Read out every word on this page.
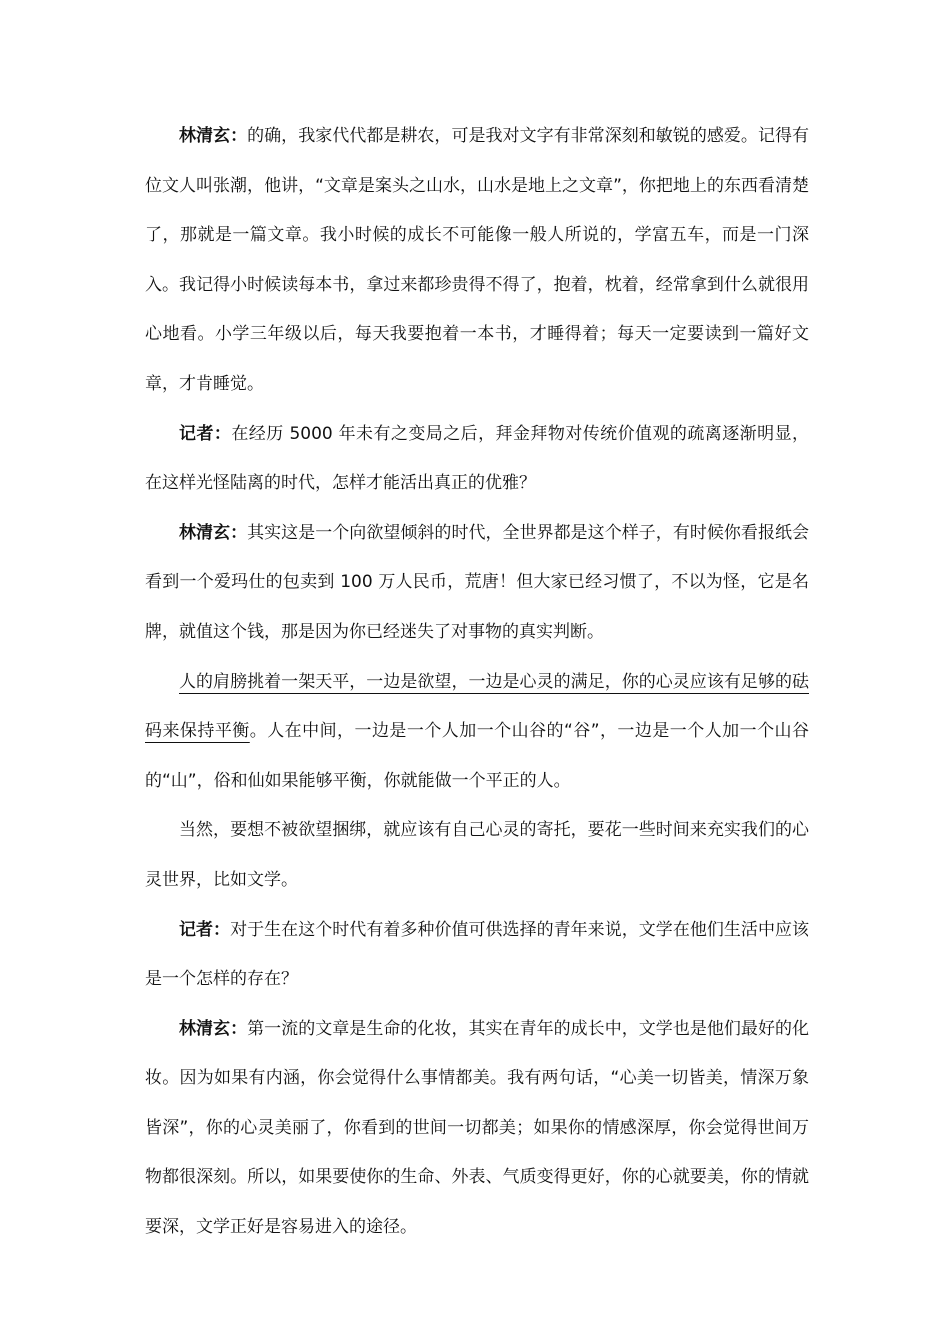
林清玄：的确，我家代代都是耕农，可是我对文字有非常深刻和敏锐的感爱。记得有位文人叫张潮，他讲，“文章是案头之山水，山水是地上之文章”，你把地上的东西看清楚了，那就是一篇文章。我小时候的成长不可能像一般人所说的，学富五车，而是一门深入。我记得小时候读每本书，拿过来都珍贵得不得了，抱着，枕着，经常拿到什么就很用心地看。小学三年级以后，每天我要抱着一本书，才睡得着；每天一定要读到一篇好文章，才肯睡觉。

记者：在经历 5000 年未有之变局之后，拜金拜物对传统价值观的疏离逐渐明显，在这样光怪陆离的时代，怎样才能活出真正的优雅？

林清玄：其实这是一个向欲望倾斜的时代，全世界都是这个样子，有时候你看报纸会看到一个爱玛仕的包卖到 100 万人民币，荒唐！但大家已经习惯了，不以为怪，它是名牌，就值这个钱，那是因为你已经迷失了对事物的真实判断。

人的肩膀挑着一架天平，一边是欲望，一边是心灵的满足，你的心灵应该有足够的砝码来保持平衡。人在中间，一边是一个人加一个山谷的“谷”，一边是一个人加一个山谷的“山”，俗和仙如果能够平衡，你就能做一个平正的人。

当然，要想不被欲望捆绑，就应该有自己心灵的寄托，要花一些时间来充实我们的心灵世界，比如文学。

记者：对于生在这个时代有着多种价值可供选择的青年来说，文学在他们生活中应该是一个怎样的存在？

林清玄：第一流的文章是生命的化妆，其实在青年的成长中，文学也是他们最好的化妆。因为如果有内涵，你会觉得什么事情都美。我有两句话，“心美一切皆美，情深万象皆深”，你的心灵美丽了，你看到的世间一切都美；如果你的情感深厚，你会觉得世间万物都很深刻。所以，如果要使你的生命、外表、气质变得更好，你的心就要美，你的情就要深，文学正好是容易进入的途径。
